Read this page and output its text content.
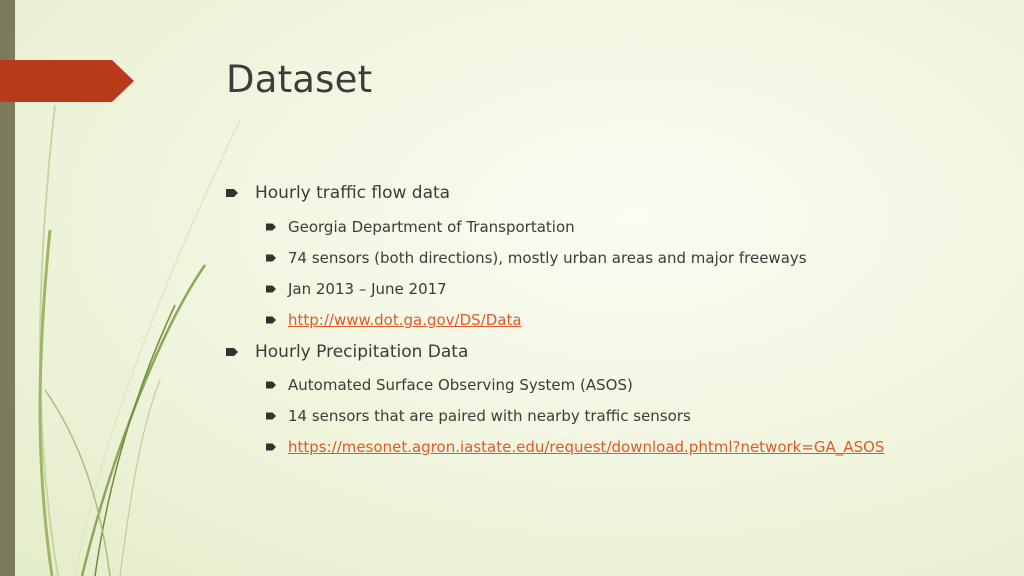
Dataset
Hourly traffic flow data
Georgia Department of Transportation
74 sensors (both directions), mostly urban areas and major freeways
Jan 2013 – June 2017
http://www.dot.ga.gov/DS/Data
Hourly Precipitation Data
Automated Surface Observing System (ASOS)
14 sensors that are paired with nearby traffic sensors
https://mesonet.agron.iastate.edu/request/download.phtml?network=GA_ASOS
